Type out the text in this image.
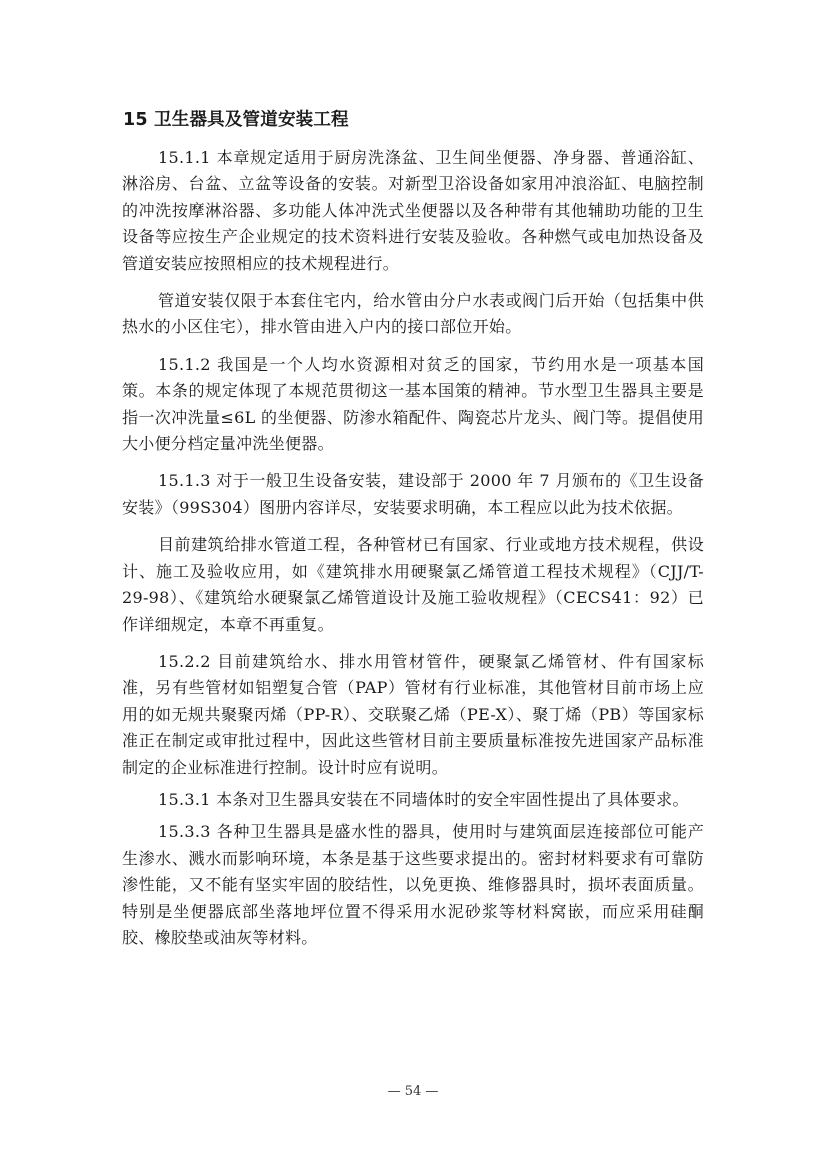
15 卫生器具及管道安装工程

15.1.1 本章规定适用于厨房洗涤盆、卫生间坐便器、净身器、普通浴缸、淋浴房、台盆、立盆等设备的安装。对新型卫浴设备如家用冲浪浴缸、电脑控制的冲洗按摩淋浴器、多功能人体冲洗式坐便器以及各种带有其他辅助功能的卫生设备等应按生产企业规定的技术资料进行安装及验收。各种燃气或电加热设备及管道安装应按照相应的技术规程进行。

管道安装仅限于本套住宅内，给水管由分户水表或阀门后开始（包括集中供热水的小区住宅），排水管由进入户内的接口部位开始。

15.1.2 我国是一个人均水资源相对贫乏的国家，节约用水是一项基本国策。本条的规定体现了本规范贯彻这一基本国策的精神。节水型卫生器具主要是指一次冲洗量≤6L 的坐便器、防渗水箱配件、陶瓷芯片龙头、阀门等。提倡使用大小便分档定量冲洗坐便器。

15.1.3 对于一般卫生设备安装，建设部于 2000 年 7 月颁布的《卫生设备安装》（99S304）图册内容详尽，安装要求明确，本工程应以此为技术依据。

目前建筑给排水管道工程，各种管材已有国家、行业或地方技术规程，供设计、施工及验收应用，如《建筑排水用硬聚氯乙烯管道工程技术规程》（CJJ/T-29-98）、《建筑给水硬聚氯乙烯管道设计及施工验收规程》（CECS41：92）已作详细规定，本章不再重复。

15.2.2 目前建筑给水、排水用管材管件，硬聚氯乙烯管材、件有国家标准，另有些管材如铝塑复合管（PAP）管材有行业标准，其他管材目前市场上应用的如无规共聚聚丙烯（PP-R）、交联聚乙烯（PE-X）、聚丁烯（PB）等国家标准正在制定或审批过程中，因此这些管材目前主要质量标准按先进国家产品标准制定的企业标准进行控制。设计时应有说明。

15.3.1 本条对卫生器具安装在不同墙体时的安全牢固性提出了具体要求。

15.3.3 各种卫生器具是盛水性的器具，使用时与建筑面层连接部位可能产生渗水、溅水而影响环境，本条是基于这些要求提出的。密封材料要求有可靠防渗性能，又不能有坚实牢固的胶结性，以免更换、维修器具时，损坏表面质量。特别是坐便器底部坐落地坪位置不得采用水泥砂浆等材料窝嵌，而应采用硅酮胶、橡胶垫或油灰等材料。

— 54 —
